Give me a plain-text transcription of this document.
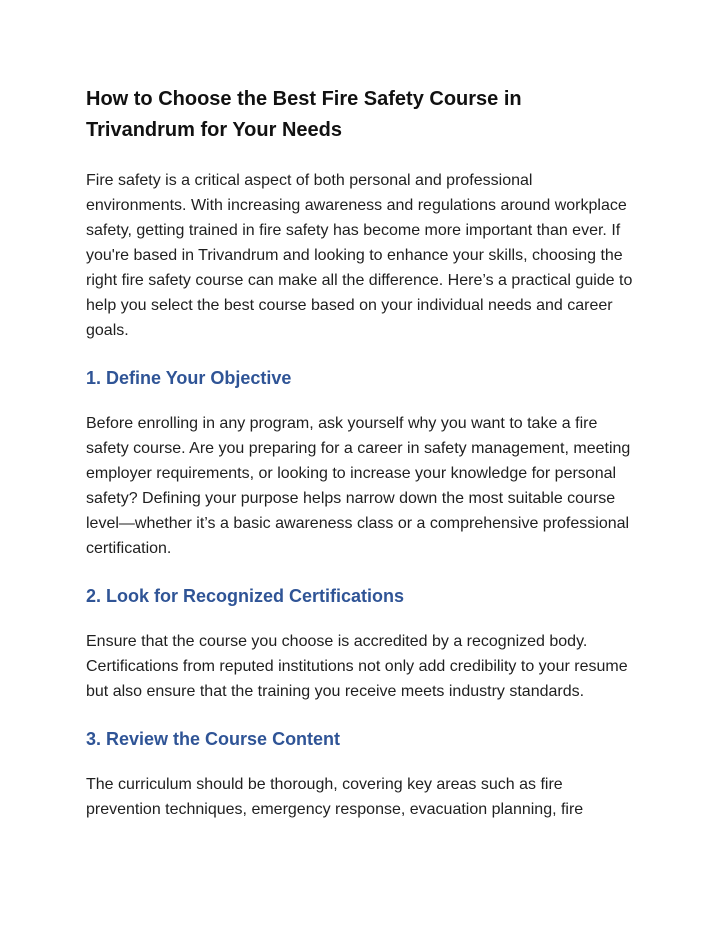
How to Choose the Best Fire Safety Course in Trivandrum for Your Needs

Fire safety is a critical aspect of both personal and professional environments. With increasing awareness and regulations around workplace safety, getting trained in fire safety has become more important than ever. If you're based in Trivandrum and looking to enhance your skills, choosing the right fire safety course can make all the difference. Here’s a practical guide to help you select the best course based on your individual needs and career goals.

1. Define Your Objective

Before enrolling in any program, ask yourself why you want to take a fire safety course. Are you preparing for a career in safety management, meeting employer requirements, or looking to increase your knowledge for personal safety? Defining your purpose helps narrow down the most suitable course level—whether it’s a basic awareness class or a comprehensive professional certification.

2. Look for Recognized Certifications

Ensure that the course you choose is accredited by a recognized body. Certifications from reputed institutions not only add credibility to your resume but also ensure that the training you receive meets industry standards.

3. Review the Course Content

The curriculum should be thorough, covering key areas such as fire prevention techniques, emergency response, evacuation planning, fire
